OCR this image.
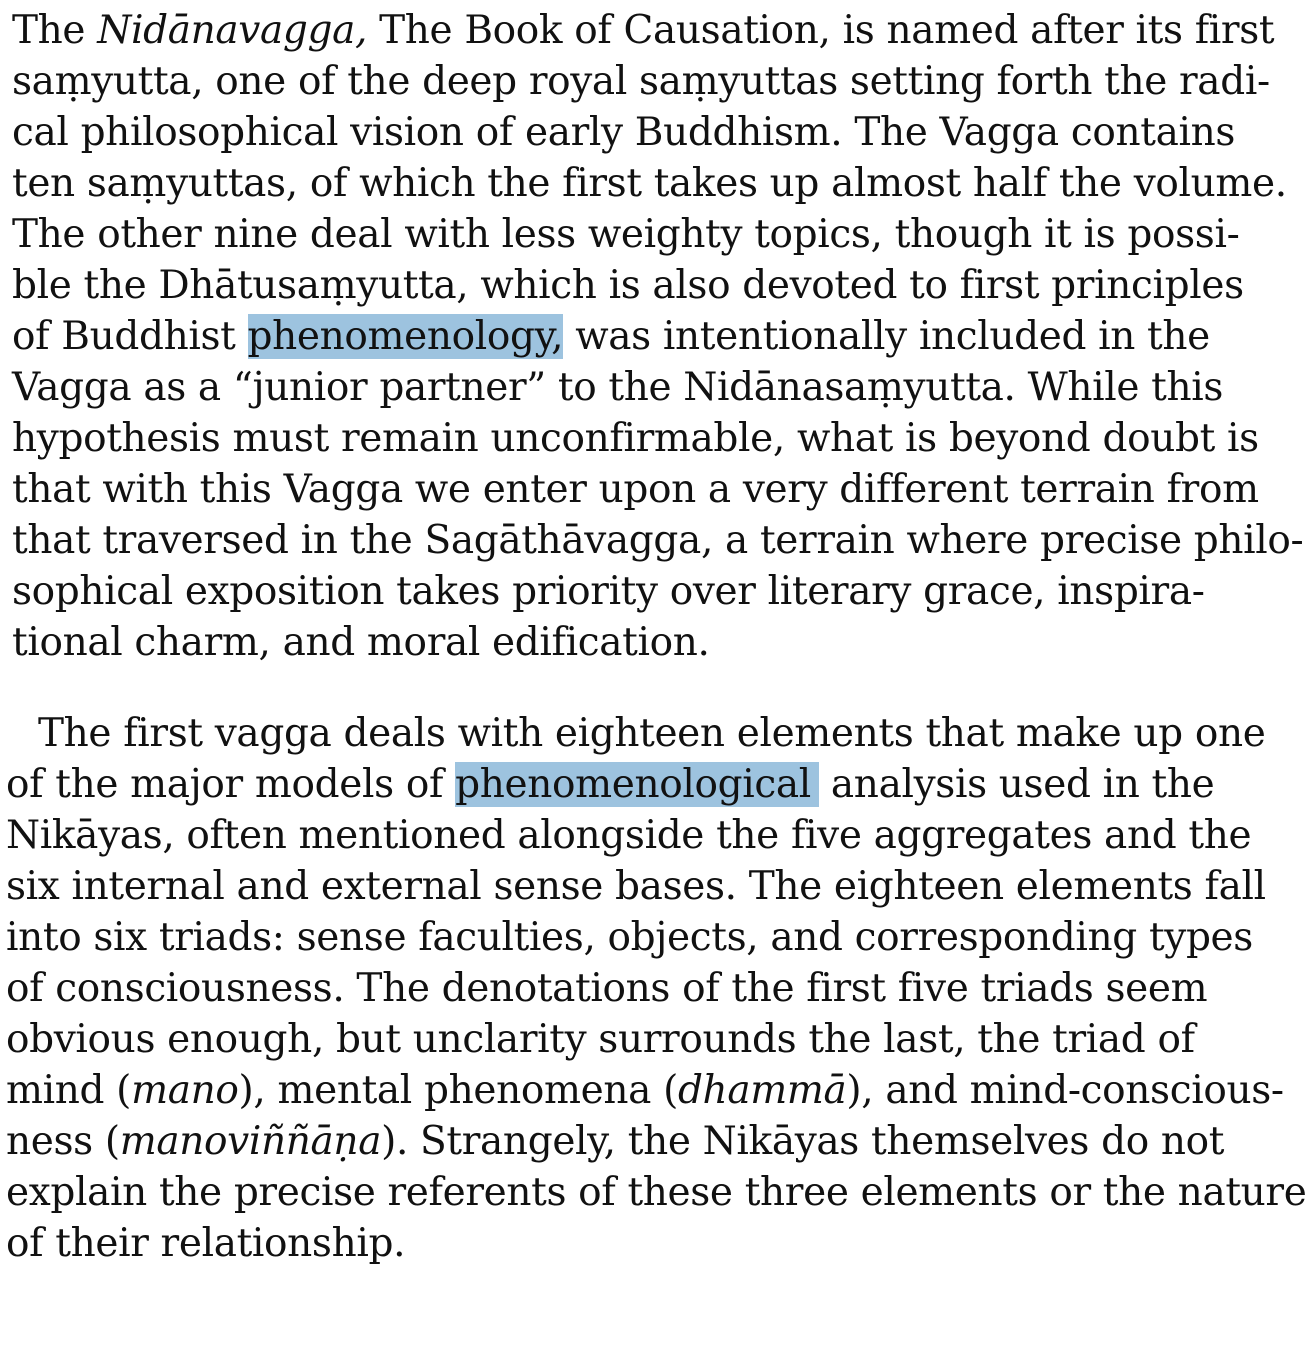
The Nidānavagga, The Book of Causation, is named after its first
saṃyutta, one of the deep royal saṃyuttas setting forth the radi-
cal philosophical vision of early Buddhism. The Vagga contains
ten saṃyuttas, of which the first takes up almost half the volume.
The other nine deal with less weighty topics, though it is possi-
ble the Dhātusaṃyutta, which is also devoted to first principles
of Buddhist phenomenology, was intentionally included in the
Vagga as a “junior partner” to the Nidānasaṃyutta. While this
hypothesis must remain unconfirmable, what is beyond doubt is
that with this Vagga we enter upon a very different terrain from
that traversed in the Sagāthāvagga, a terrain where precise philo-
sophical exposition takes priority over literary grace, inspira-
tional charm, and moral edification.
The first vagga deals with eighteen elements that make up one
of the major models of phenomenological analysis used in the
Nikāyas, often mentioned alongside the five aggregates and the
six internal and external sense bases. The eighteen elements fall
into six triads: sense faculties, objects, and corresponding types
of consciousness. The denotations of the first five triads seem
obvious enough, but unclarity surrounds the last, the triad of
mind (mano), mental phenomena (dhammā), and mind-conscious-
ness (manoviññāṇa). Strangely, the Nikāyas themselves do not
explain the precise referents of these three elements or the nature
of their relationship.
